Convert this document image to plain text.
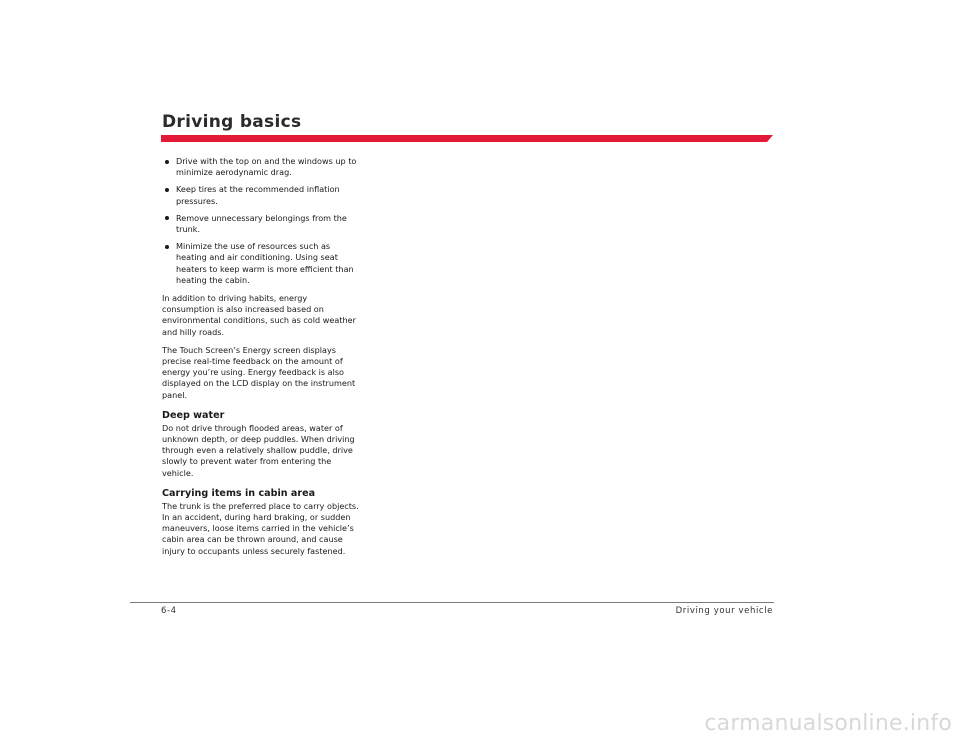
Driving basics
Drive with the top on and the windows up to minimize aerodynamic drag.
Keep tires at the recommended inflation pressures.
Remove unnecessary belongings from the trunk.
Minimize the use of resources such as heating and air conditioning. Using seat heaters to keep warm is more efficient than heating the cabin.

In addition to driving habits, energy consumption is also increased based on environmental conditions, such as cold weather and hilly roads.

The Touch Screen’s Energy screen displays precise real-time feedback on the amount of energy you’re using. Energy feedback is also displayed on the LCD display on the instrument panel.

Deep water

Do not drive through flooded areas, water of unknown depth, or deep puddles. When driving through even a relatively shallow puddle, drive slowly to prevent water from entering the vehicle.

Carrying items in cabin area

The trunk is the preferred place to carry objects. In an accident, during hard braking, or sudden maneuvers, loose items carried in the vehicle’s cabin area can be thrown around, and cause injury to occupants unless securely fastened.

6-4	Driving your vehicle
carmanualsonline.info
